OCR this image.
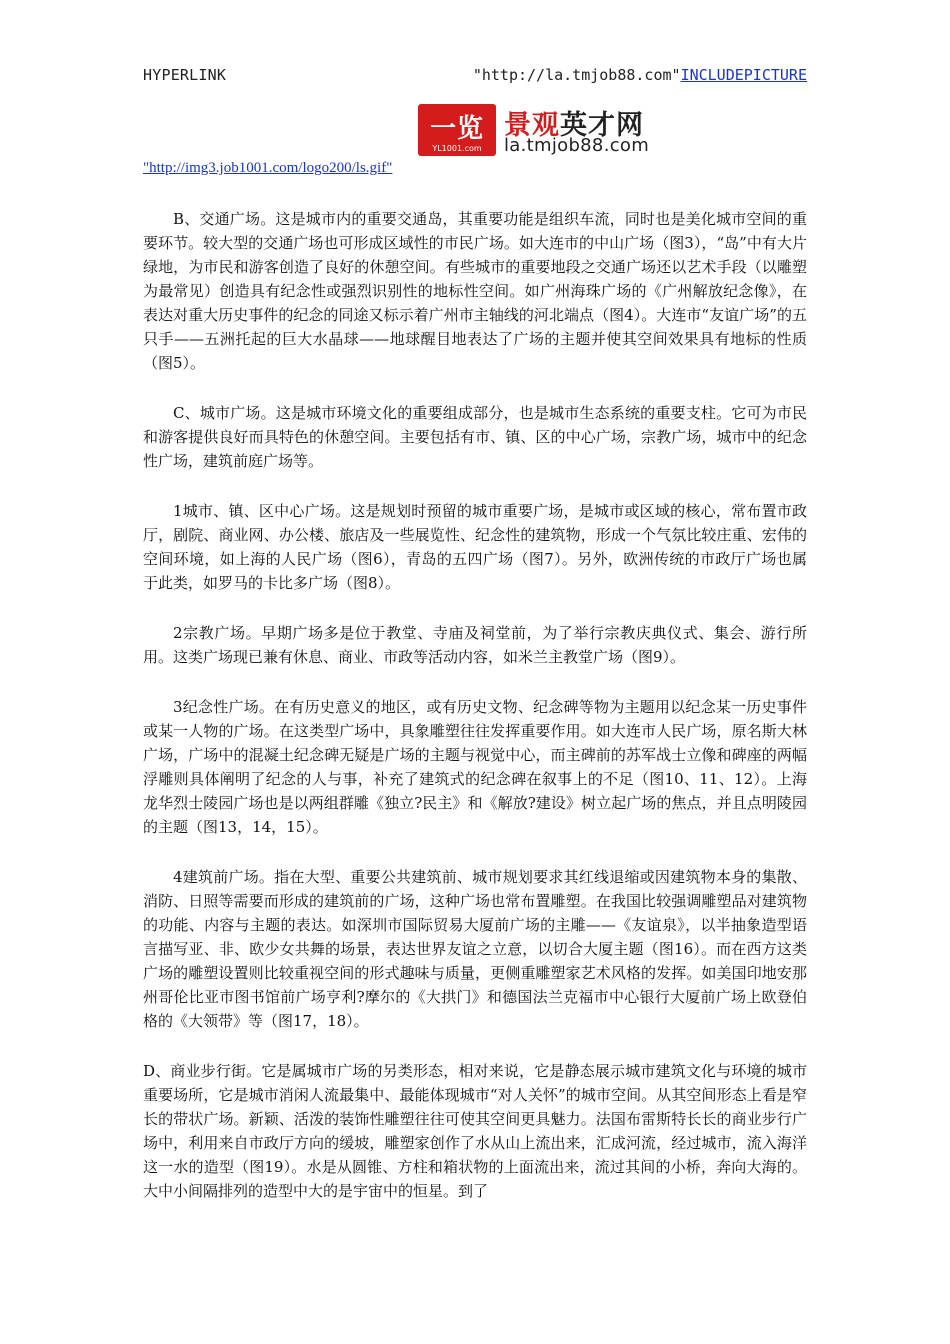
HYPERLINK	"http://la.tmjob88.com"INCLUDEPICTURE
一览
YL1001.com
景观英才网
la.tmjob88.com
"http://img3.job1001.com/logo200/ls.gif"

B、交通广场。这是城市内的重要交通岛，其重要功能是组织车流，同时也是美化城市空间的重要环节。较大型的交通广场也可形成区域性的市民广场。如大连市的中山广场（图3），“岛”中有大片绿地，为市民和游客创造了良好的休憩空间。有些城市的重要地段之交通广场还以艺术手段（以雕塑为最常见）创造具有纪念性或强烈识别性的地标性空间。如广州海珠广场的《广州解放纪念像》，在表达对重大历史事件的纪念的同途又标示着广州市主轴线的河北端点（图4）。大连市“友谊广场”的五只手——五洲托起的巨大水晶球——地球醒目地表达了广场的主题并使其空间效果具有地标的性质（图5）。

C、城市广场。这是城市环境文化的重要组成部分，也是城市生态系统的重要支柱。它可为市民和游客提供良好而具特色的休憩空间。主要包括有市、镇、区的中心广场，宗教广场，城市中的纪念性广场，建筑前庭广场等。

1城市、镇、区中心广场。这是规划时预留的城市重要广场，是城市或区域的核心，常布置市政厅，剧院、商业网、办公楼、旅店及一些展览性、纪念性的建筑物，形成一个气氛比较庄重、宏伟的空间环境，如上海的人民广场（图6），青岛的五四广场（图7）。另外，欧洲传统的市政厅广场也属于此类，如罗马的卡比多广场（图8）。

2宗教广场。早期广场多是位于教堂、寺庙及祠堂前，为了举行宗教庆典仪式、集会、游行所用。这类广场现已兼有休息、商业、市政等活动内容，如米兰主教堂广场（图9）。

3纪念性广场。在有历史意义的地区，或有历史文物、纪念碑等物为主题用以纪念某一历史事件或某一人物的广场。在这类型广场中，具象雕塑往往发挥重要作用。如大连市人民广场，原名斯大林广场，广场中的混凝土纪念碑无疑是广场的主题与视觉中心，而主碑前的苏军战士立像和碑座的两幅浮雕则具体阐明了纪念的人与事，补充了建筑式的纪念碑在叙事上的不足（图10、11、12）。上海龙华烈士陵园广场也是以两组群雕《独立?民主》和《解放?建设》树立起广场的焦点，并且点明陵园的主题（图13，14，15）。

4建筑前广场。指在大型、重要公共建筑前、城市规划要求其红线退缩或因建筑物本身的集散、消防、日照等需要而形成的建筑前的广场，这种广场也常布置雕塑。在我国比较强调雕塑品对建筑物的功能、内容与主题的表达。如深圳市国际贸易大厦前广场的主雕——《友谊泉》，以半抽象造型语言描写亚、非、欧少女共舞的场景，表达世界友谊之立意，以切合大厦主题（图16）。而在西方这类广场的雕塑设置则比较重视空间的形式趣味与质量，更侧重雕塑家艺术风格的发挥。如美国印地安那州哥伦比亚市图书馆前广场亨利?摩尔的《大拱门》和德国法兰克福市中心银行大厦前广场上欧登伯格的《大领带》等（图17，18）。

D、商业步行街。它是属城市广场的另类形态，相对来说，它是静态展示城市建筑文化与环境的城市重要场所，它是城市消闲人流最集中、最能体现城市“对人关怀”的城市空间。从其空间形态上看是窄长的带状广场。新颖、活泼的装饰性雕塑往往可使其空间更具魅力。法国布雷斯特长长的商业步行广场中，利用来自市政厅方向的缓坡，雕塑家创作了水从山上流出来，汇成河流，经过城市，流入海洋这一水的造型（图19）。水是从圆锥、方柱和箱状物的上面流出来，流过其间的小桥，奔向大海的。大中小间隔排列的造型中大的是宇宙中的恒星。到了
